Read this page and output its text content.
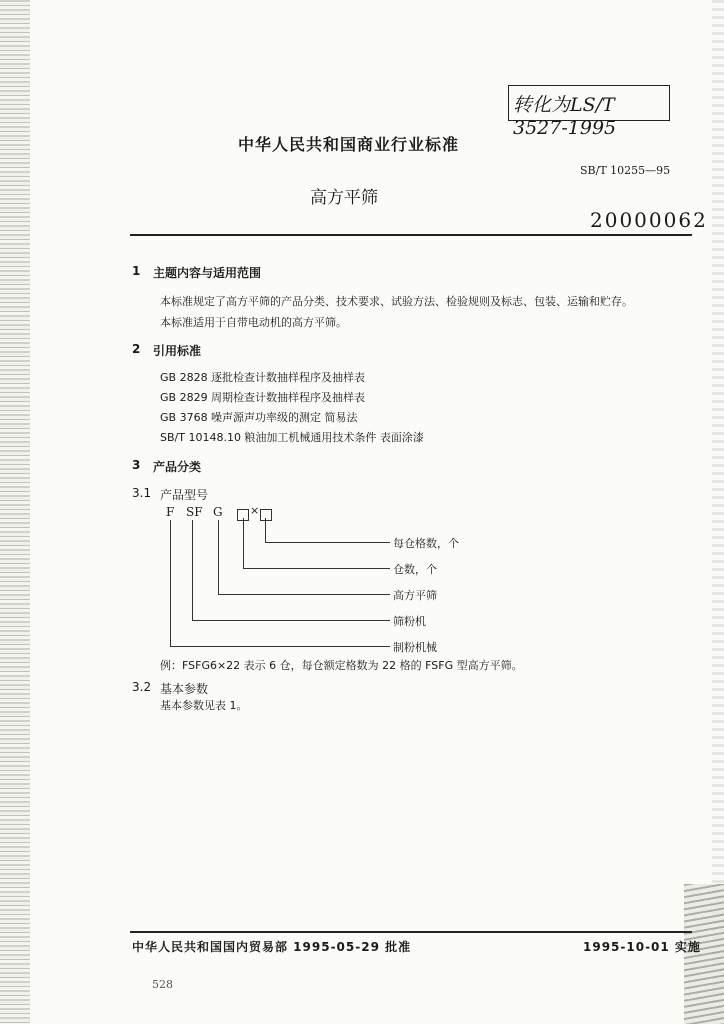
转化为LS/T 3527-1995
中华人民共和国商业行业标准
SB/T 10255—95
高方平筛
20000062
1 主题内容与适用范围
本标准规定了高方平筛的产品分类、技术要求、试验方法、检验规则及标志、包装、运输和贮存。
本标准适用于自带电动机的高方平筛。
2 引用标准
GB 2828 逐批检查计数抽样程序及抽样表
GB 2829 周期检查计数抽样程序及抽样表
GB 3768 噪声源声功率级的测定 简易法
SB/T 10148.10 粮油加工机械通用技术条件 表面涂漆
3 产品分类
3.1 产品型号
F SF G ×
每仓格数，个
仓数，个
高方平筛
筛粉机
制粉机械
例：FSFG6×22 表示 6 仓，每仓额定格数为 22 格的 FSFG 型高方平筛。
3.2 基本参数
基本参数见表 1。
中华人民共和国国内贸易部 1995-05-29 批准	1995-10-01 实施
528
